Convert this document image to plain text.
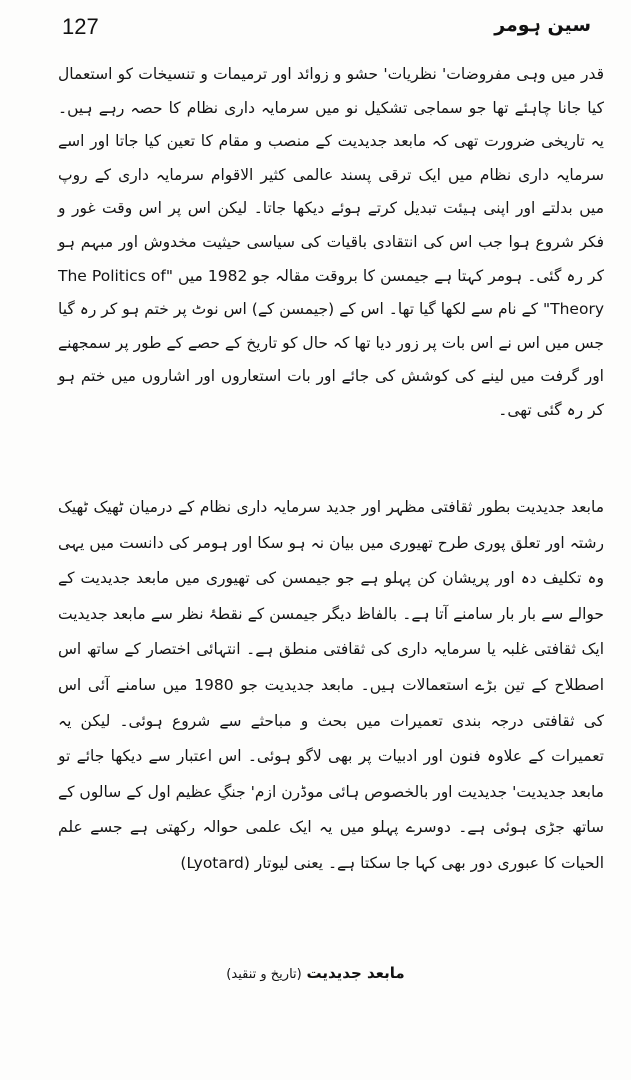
127	سین ہومر

قدر میں وہی مفروضات' نظریات' حشو و زوائد اور ترمیمات و تنسیخات کو استعمال کیا جانا چاہئے تھا جو سماجی تشکیل نو میں سرمایہ داری نظام کا حصہ رہے ہیں۔ یہ تاریخی ضرورت تھی کہ مابعد جدیدیت کے منصب و مقام کا تعین کیا جاتا اور اسے سرمایہ داری نظام میں ایک ترقی پسند عالمی کثیر الاقوام سرمایہ داری کے روپ میں بدلتے اور اپنی ہیئت تبدیل کرتے ہوئے دیکھا جاتا۔ لیکن اس پر اس وقت غور و فکر شروع ہوا جب اس کی انتقادی باقیات کی سیاسی حیثیت مخدوش اور مبہم ہو کر رہ گئی۔ ہومر کہتا ہے جیمسن کا بروقت مقالہ جو 1982 میں "The Politics of Theory" کے نام سے لکھا گیا تھا۔ اس کے (جیمسن کے) اس نوٹ پر ختم ہو کر رہ گیا جس میں اس نے اس بات پر زور دیا تھا کہ حال کو تاریخ کے حصے کے طور پر سمجھنے اور گرفت میں لینے کی کوشش کی جائے اور بات استعاروں اور اشاروں میں ختم ہو کر رہ گئی تھی۔

مابعد جدیدیت بطور ثقافتی مظہر اور جدید سرمایہ داری نظام کے درمیان ٹھیک ٹھیک رشتہ اور تعلق پوری طرح تھیوری میں بیان نہ ہو سکا اور ہومر کی دانست میں یہی وہ تکلیف دہ اور پریشان کن پہلو ہے جو جیمسن کی تھیوری میں مابعد جدیدیت کے حوالے سے بار بار سامنے آتا ہے۔ بالفاظ دیگر جیمسن کے نقطۂ نظر سے مابعد جدیدیت ایک ثقافتی غلبہ یا سرمایہ داری کی ثقافتی منطق ہے۔ انتہائی اختصار کے ساتھ اس اصطلاح کے تین بڑے استعمالات ہیں۔ مابعد جدیدیت جو 1980 میں سامنے آئی اس کی ثقافتی درجہ بندی تعمیرات میں بحث و مباحثے سے شروع ہوئی۔ لیکن یہ تعمیرات کے علاوہ فنون اور ادبیات پر بھی لاگو ہوئی۔ اس اعتبار سے دیکھا جائے تو مابعد جدیدیت' جدیدیت اور بالخصوص ہائی موڈرن ازم' جنگِ عظیم اول کے سالوں کے ساتھ جڑی ہوئی ہے۔ دوسرے پہلو میں یہ ایک علمی حوالہ رکھتی ہے جسے علم الحیات کا عبوری دور بھی کہا جا سکتا ہے۔ یعنی لیوتار (Lyotard)

مابعد جدیدیت (تاریخ و تنقید)
